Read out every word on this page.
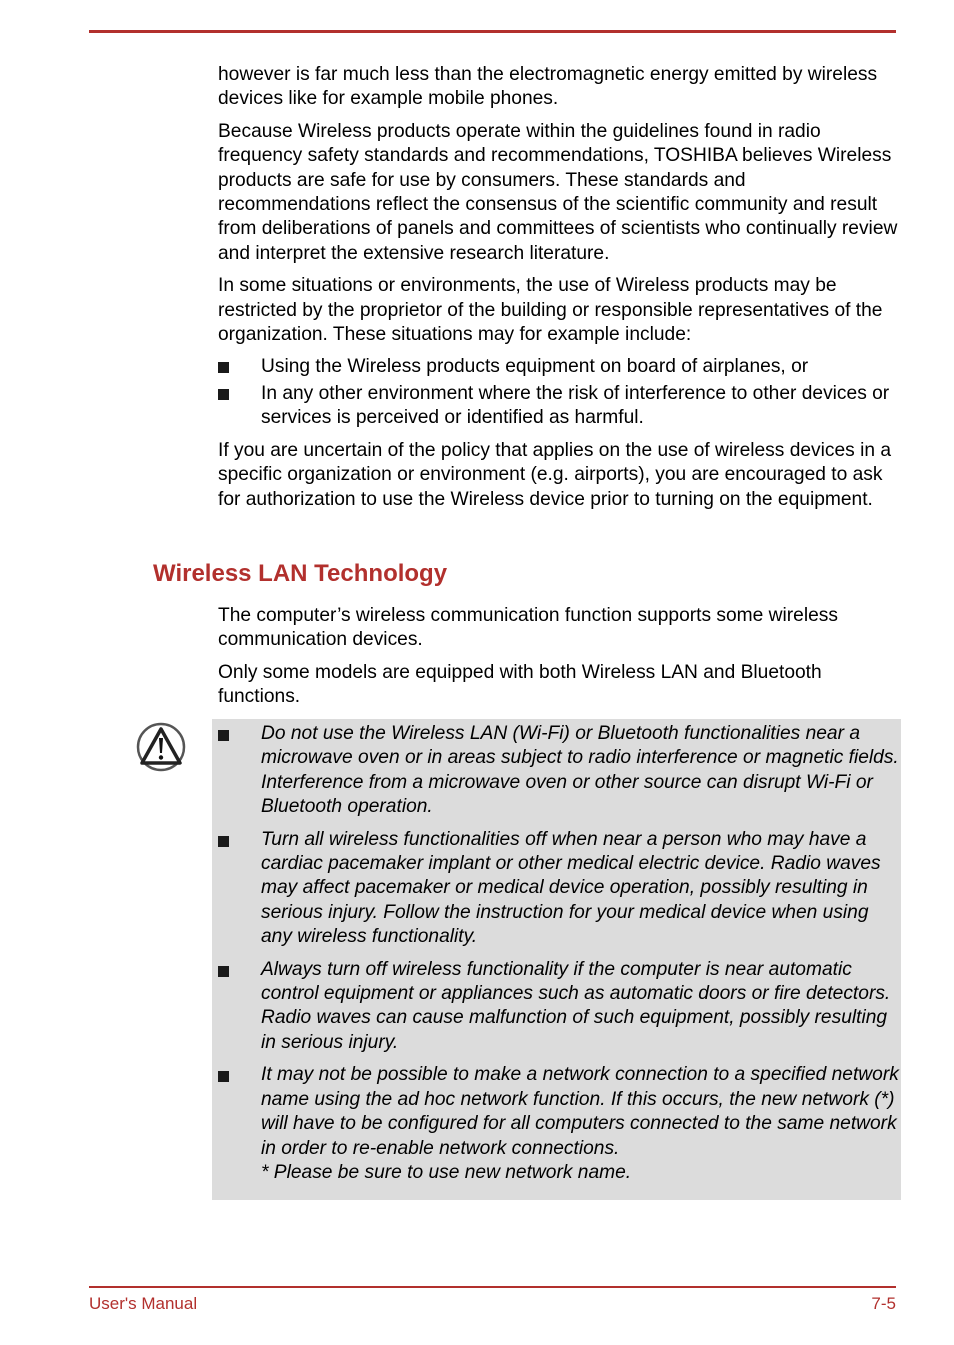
however is far much less than the electromagnetic energy emitted by wireless devices like for example mobile phones.

Because Wireless products operate within the guidelines found in radio frequency safety standards and recommendations, TOSHIBA believes Wireless products are safe for use by consumers. These standards and recommendations reflect the consensus of the scientific community and result from deliberations of panels and committees of scientists who continually review and interpret the extensive research literature.

In some situations or environments, the use of Wireless products may be restricted by the proprietor of the building or responsible representatives of the organization. These situations may for example include:

Using the Wireless products equipment on board of airplanes, or
In any other environment where the risk of interference to other devices or services is perceived or identified as harmful.

If you are uncertain of the policy that applies on the use of wireless devices in a specific organization or environment (e.g. airports), you are encouraged to ask for authorization to use the Wireless device prior to turning on the equipment.

Wireless LAN Technology

The computer’s wireless communication function supports some wireless communication devices.

Only some models are equipped with both Wireless LAN and Bluetooth functions.

Do not use the Wireless LAN (Wi-Fi) or Bluetooth functionalities near a microwave oven or in areas subject to radio interference or magnetic fields. Interference from a microwave oven or other source can disrupt Wi-Fi or Bluetooth operation.
Turn all wireless functionalities off when near a person who may have a cardiac pacemaker implant or other medical electric device. Radio waves may affect pacemaker or medical device operation, possibly resulting in serious injury. Follow the instruction for your medical device when using any wireless functionality.
Always turn off wireless functionality if the computer is near automatic control equipment or appliances such as automatic doors or fire detectors. Radio waves can cause malfunction of such equipment, possibly resulting in serious injury.
It may not be possible to make a network connection to a specified network name using the ad hoc network function. If this occurs, the new network (*) will have to be configured for all computers connected to the same network in order to re-enable network connections.
* Please be sure to use new network name.
User's Manual	7-5
